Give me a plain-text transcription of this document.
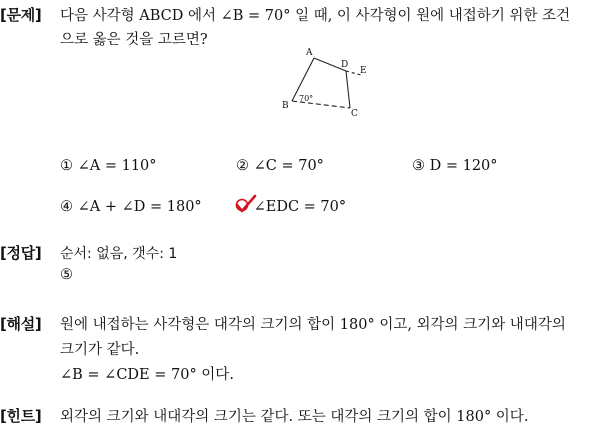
[문제] 다음 사각형 ABCD 에서 ∠B = 70° 일 때, 이 사각형이 원에 내접하기 위한 조건
으로 옳은 것을 고르면?
A
D
E
B
C
70°
① ∠A = 110°	② ∠C = 70°	③ D = 120°
④ ∠A + ∠D = 180°	∠EDC = 70°
[정답] 순서: 없음, 갯수: 1
⑤
[해설] 원에 내접하는 사각형은 대각의 크기의 합이 180° 이고, 외각의 크기와 내대각의
크기가 같다.
∠B = ∠CDE = 70° 이다.
[힌트] 외각의 크기와 내대각의 크기는 같다. 또는 대각의 크기의 합이 180° 이다.
